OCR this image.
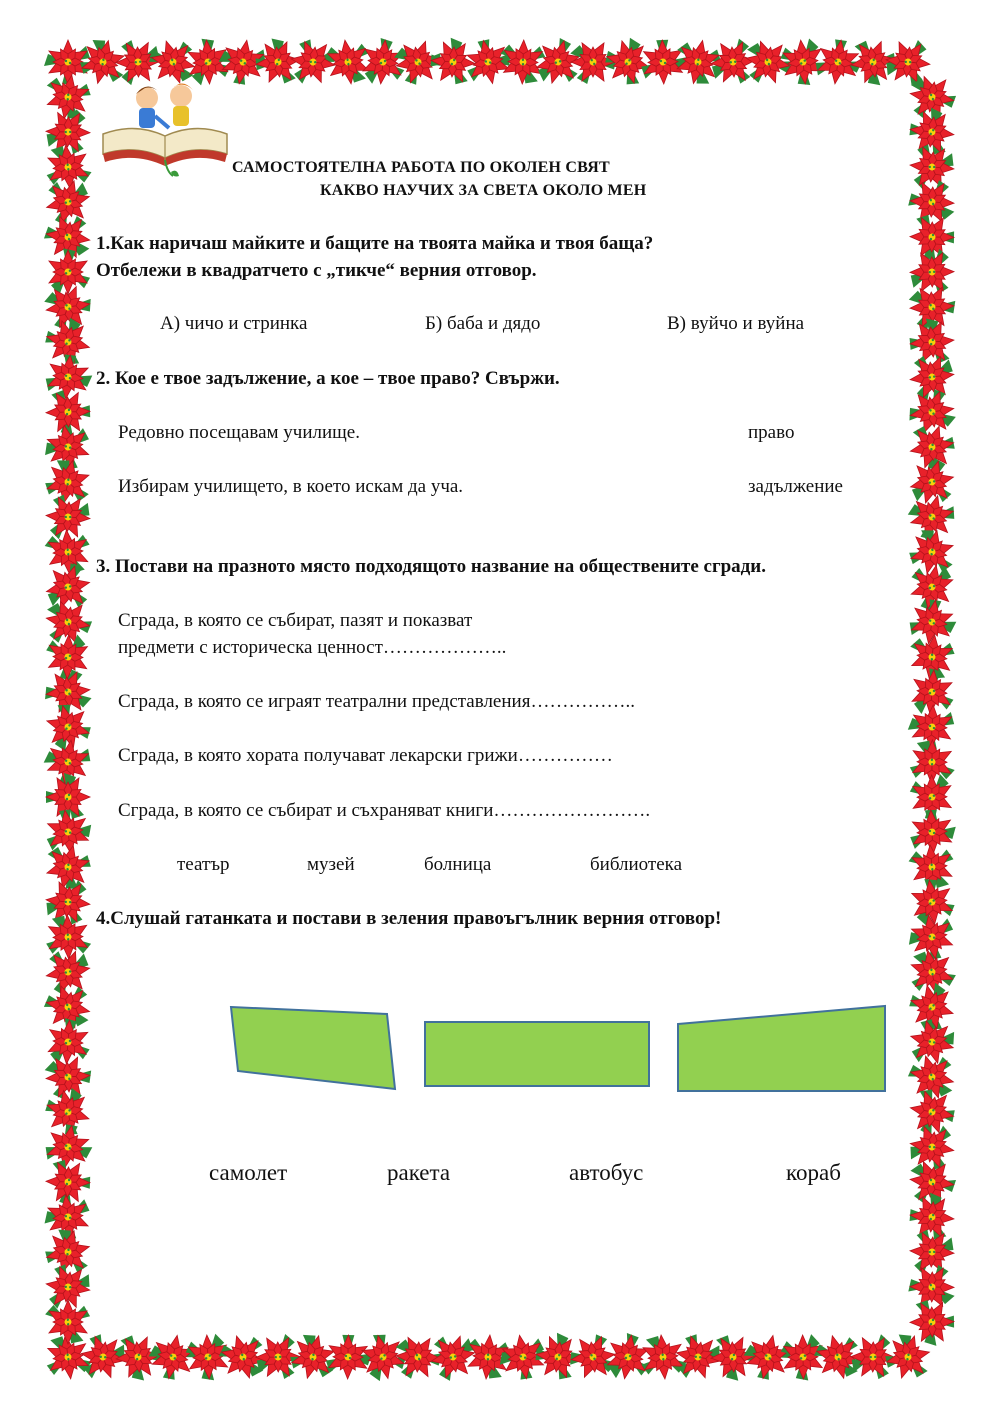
САМОСТОЯТЕЛНА РАБОТА ПО ОКОЛЕН СВЯТ
КАКВО НАУЧИХ ЗА СВЕТА ОКОЛО МЕН
1.Как наричаш майките и бащите на твоята майка и твоя баща?
Отбележи в квадратчето с „тикче“ верния отговор.
А) чичо и стринка	Б) баба и дядо	В) вуйчо и вуйна
2. Кое е твое задължение, а кое – твое право? Свържи.
Редовно посещавам училище.	право
Избирам училището, в което искам да уча.	задължение
3. Постави на празното място подходящото название на обществените сгради.
Сграда, в която се събират, пазят и показват
предмети с историческа ценност………………..
Сграда, в която се играят театрални представления……………..
Сграда, в която хората получават лекарски грижи……………
Сграда, в която се събират и съхраняват книги…………………….
театър	музей	болница	библиотека
4.Слушай гатанката и постави в зеления правоъгълник верния отговор!
самолет	ракета	автобус	кораб
